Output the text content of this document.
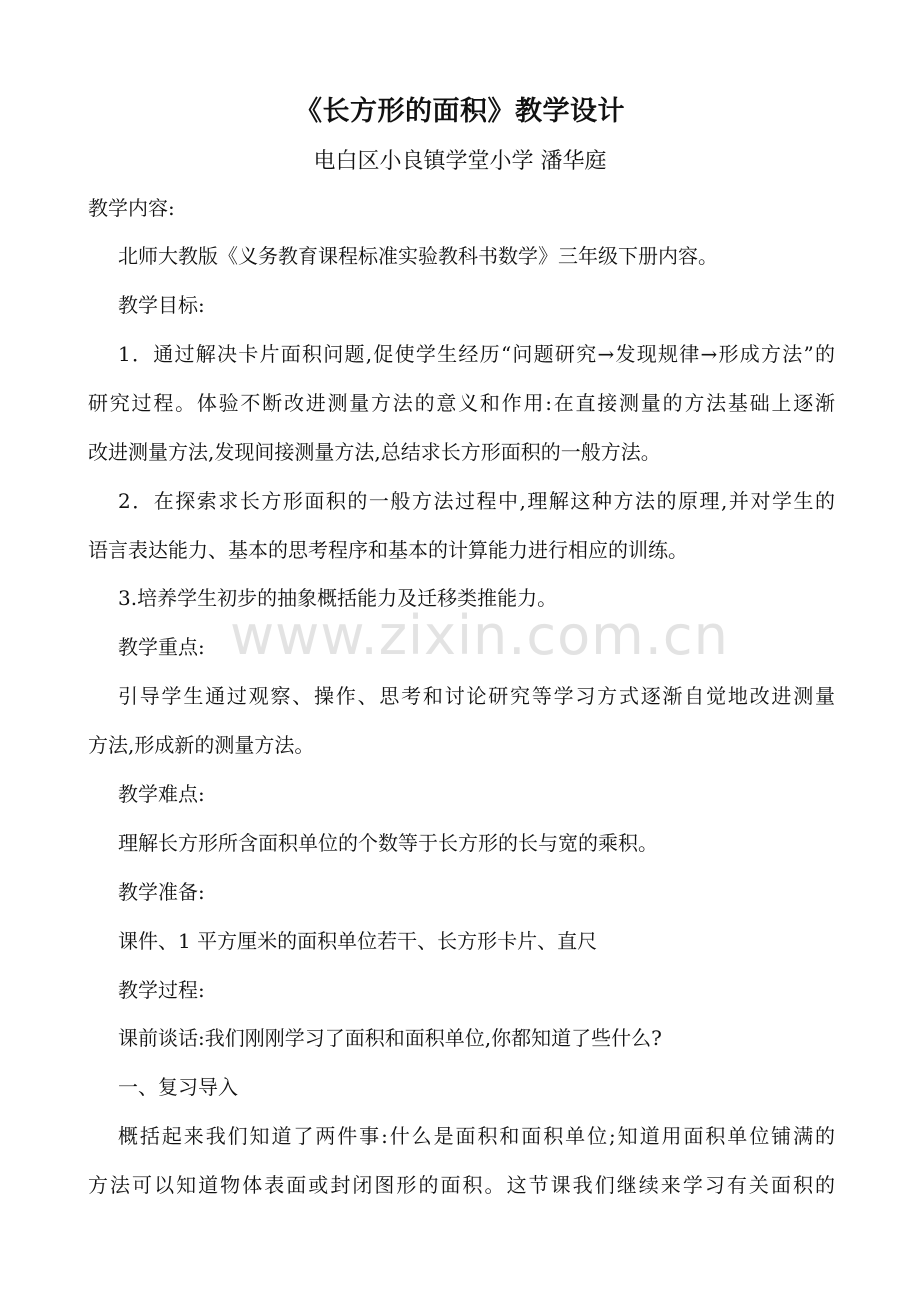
www.zixin.com.cn
《长方形的面积》教学设计
电白区小良镇学堂小学 潘华庭
教学内容:
北师大教版《义务教育课程标准实验教科书数学》三年级下册内容。
教学目标:
1．通过解决卡片面积问题,促使学生经历“问题研究→发现规律→形成方法”的
研究过程。体验不断改进测量方法的意义和作用:在直接测量的方法基础上逐渐
改进测量方法,发现间接测量方法,总结求长方形面积的一般方法。
2．在探索求长方形面积的一般方法过程中,理解这种方法的原理,并对学生的
语言表达能力、基本的思考程序和基本的计算能力进行相应的训练。
3.培养学生初步的抽象概括能力及迁移类推能力。
教学重点:
引导学生通过观察、操作、思考和讨论研究等学习方式逐渐自觉地改进测量
方法,形成新的测量方法。
教学难点:
理解长方形所含面积单位的个数等于长方形的长与宽的乘积。
教学准备:
课件、1 平方厘米的面积单位若干、长方形卡片、直尺
教学过程:
课前谈话:我们刚刚学习了面积和面积单位,你都知道了些什么?
一、复习导入
概括起来我们知道了两件事:什么是面积和面积单位;知道用面积单位铺满的
方法可以知道物体表面或封闭图形的面积。这节课我们继续来学习有关面积的
